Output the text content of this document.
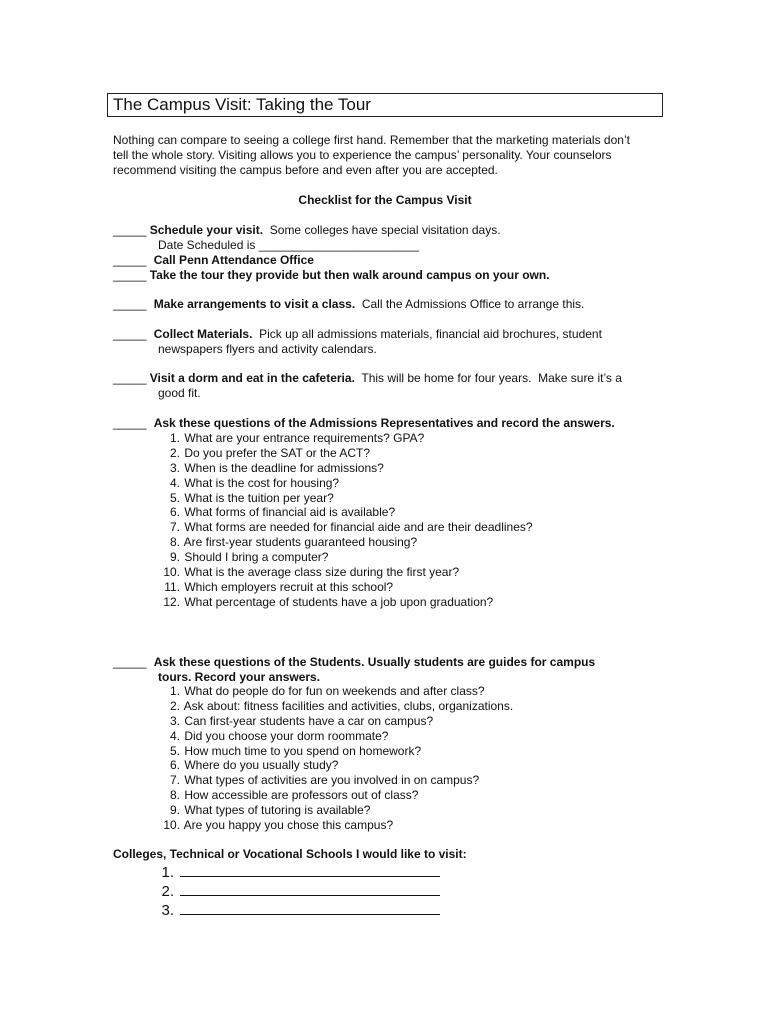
The Campus Visit: Taking the Tour
Nothing can compare to seeing a college first hand. Remember that the marketing materials don’t tell the whole story. Visiting allows you to experience the campus’ personality. Your counselors recommend visiting the campus before and even after you are accepted.
Checklist for the Campus Visit
_____ Schedule your visit.  Some colleges have special visitation days.
Date Scheduled is ________________________
_____ Call Penn Attendance Office
_____ Take the tour they provide but then walk around campus on your own.
_____ Make arrangements to visit a class.  Call the Admissions Office to arrange this.
_____ Collect Materials.  Pick up all admissions materials, financial aid brochures, student
newspapers flyers and activity calendars.
_____ Visit a dorm and eat in the cafeteria.  This will be home for four years.  Make sure it’s a
good fit.
_____ Ask these questions of the Admissions Representatives and record the answers.
1. What are your entrance requirements? GPA?
2. Do you prefer the SAT or the ACT?
3. When is the deadline for admissions?
4. What is the cost for housing?
5. What is the tuition per year?
6. What forms of financial aid is available?
7. What forms are needed for financial aide and are their deadlines?
8. Are first-year students guaranteed housing?
9. Should I bring a computer?
10. What is the average class size during the first year?
11. Which employers recruit at this school?
12. What percentage of students have a job upon graduation?
_____ Ask these questions of the Students. Usually students are guides for campus
tours. Record your answers.
1. What do people do for fun on weekends and after class?
2. Ask about: fitness facilities and activities, clubs, organizations.
3. Can first-year students have a car on campus?
4. Did you choose your dorm roommate?
5. How much time to you spend on homework?
6. Where do you usually study?
7. What types of activities are you involved in on campus?
8. How accessible are professors out of class?
9. What types of tutoring is available?
10. Are you happy you chose this campus?
Colleges, Technical or Vocational Schools I would like to visit:
1.
2.
3.
